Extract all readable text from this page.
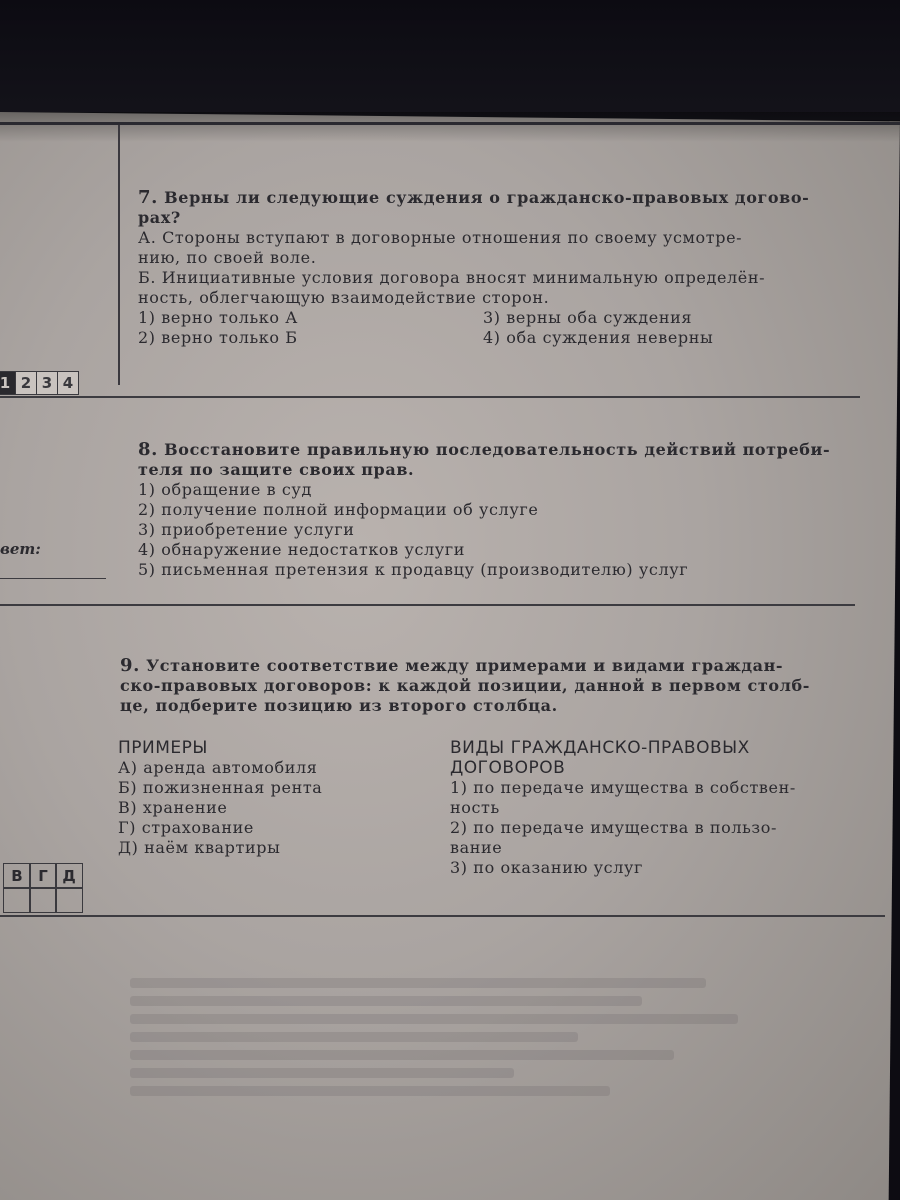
7. Верны ли следующие суждения о гражданско-правовых догово-
рах?
А. Стороны вступают в договорные отношения по своему усмотре-
нию, по своей воле.
Б. Инициативные условия договора вносят минимальную определён-
ность, облегчающую взаимодействие сторон.
1) верно только А	3) верны оба суждения
2) верно только Б	4) оба суждения неверны
1 2 3 4
8. Восстановите правильную последовательность действий потреби-
теля по защите своих прав.
1) обращение в суд
2) получение полной информации об услуге
3) приобретение услуги
4) обнаружение недостатков услуги
5) письменная претензия к продавцу (производителю) услуг
вет:
9. Установите соответствие между примерами и видами граждан-
ско-правовых договоров: к каждой позиции, данной в первом столб-
це, подберите позицию из второго столбца.
ПРИМЕРЫ
А) аренда автомобиля
Б) пожизненная рента
В) хранение
Г) страхование
Д) наём квартиры
ВИДЫ ГРАЖДАНСКО-ПРАВОВЫХ
ДОГОВОРОВ
1) по передаче имущества в собствен-
ность
2) по передаче имущества в пользо-
вание
3) по оказанию услуг
В	Г Д
